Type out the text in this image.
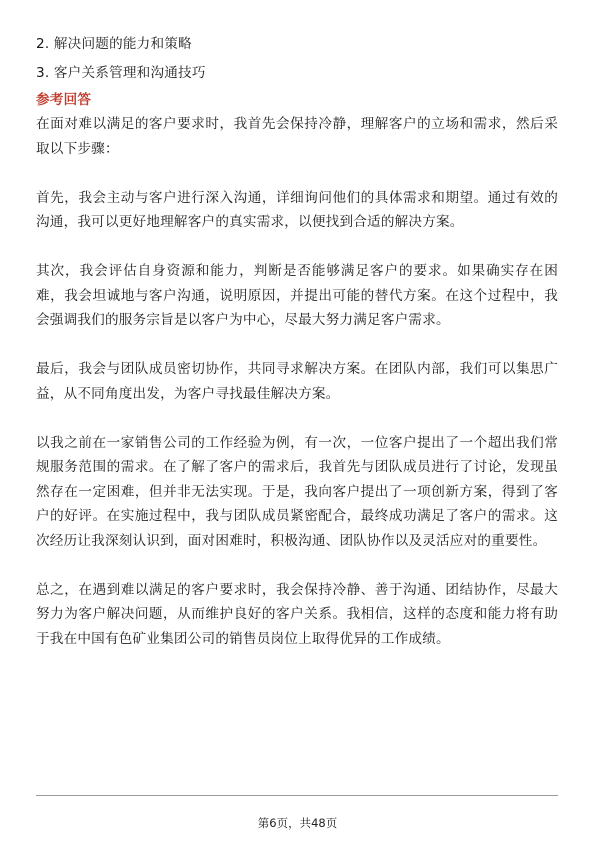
2. 解决问题的能力和策略
3. 客户关系管理和沟通技巧
参考回答

在面对难以满足的客户要求时，我首先会保持冷静，理解客户的立场和需求，然后采取以下步骤：

首先，我会主动与客户进行深入沟通，详细询问他们的具体需求和期望。通过有效的沟通，我可以更好地理解客户的真实需求，以便找到合适的解决方案。

其次，我会评估自身资源和能力，判断是否能够满足客户的要求。如果确实存在困难，我会坦诚地与客户沟通，说明原因，并提出可能的替代方案。在这个过程中，我会强调我们的服务宗旨是以客户为中心，尽最大努力满足客户需求。

最后，我会与团队成员密切协作，共同寻求解决方案。在团队内部，我们可以集思广益，从不同角度出发，为客户寻找最佳解决方案。

以我之前在一家销售公司的工作经验为例，有一次，一位客户提出了一个超出我们常规服务范围的需求。在了解了客户的需求后，我首先与团队成员进行了讨论，发现虽然存在一定困难，但并非无法实现。于是，我向客户提出了一项创新方案，得到了客户的好评。在实施过程中，我与团队成员紧密配合，最终成功满足了客户的需求。这次经历让我深刻认识到，面对困难时，积极沟通、团队协作以及灵活应对的重要性。

总之，在遇到难以满足的客户要求时，我会保持冷静、善于沟通、团结协作，尽最大努力为客户解决问题，从而维护良好的客户关系。我相信，这样的态度和能力将有助于我在中国有色矿业集团公司的销售员岗位上取得优异的工作成绩。

第6页，共48页
